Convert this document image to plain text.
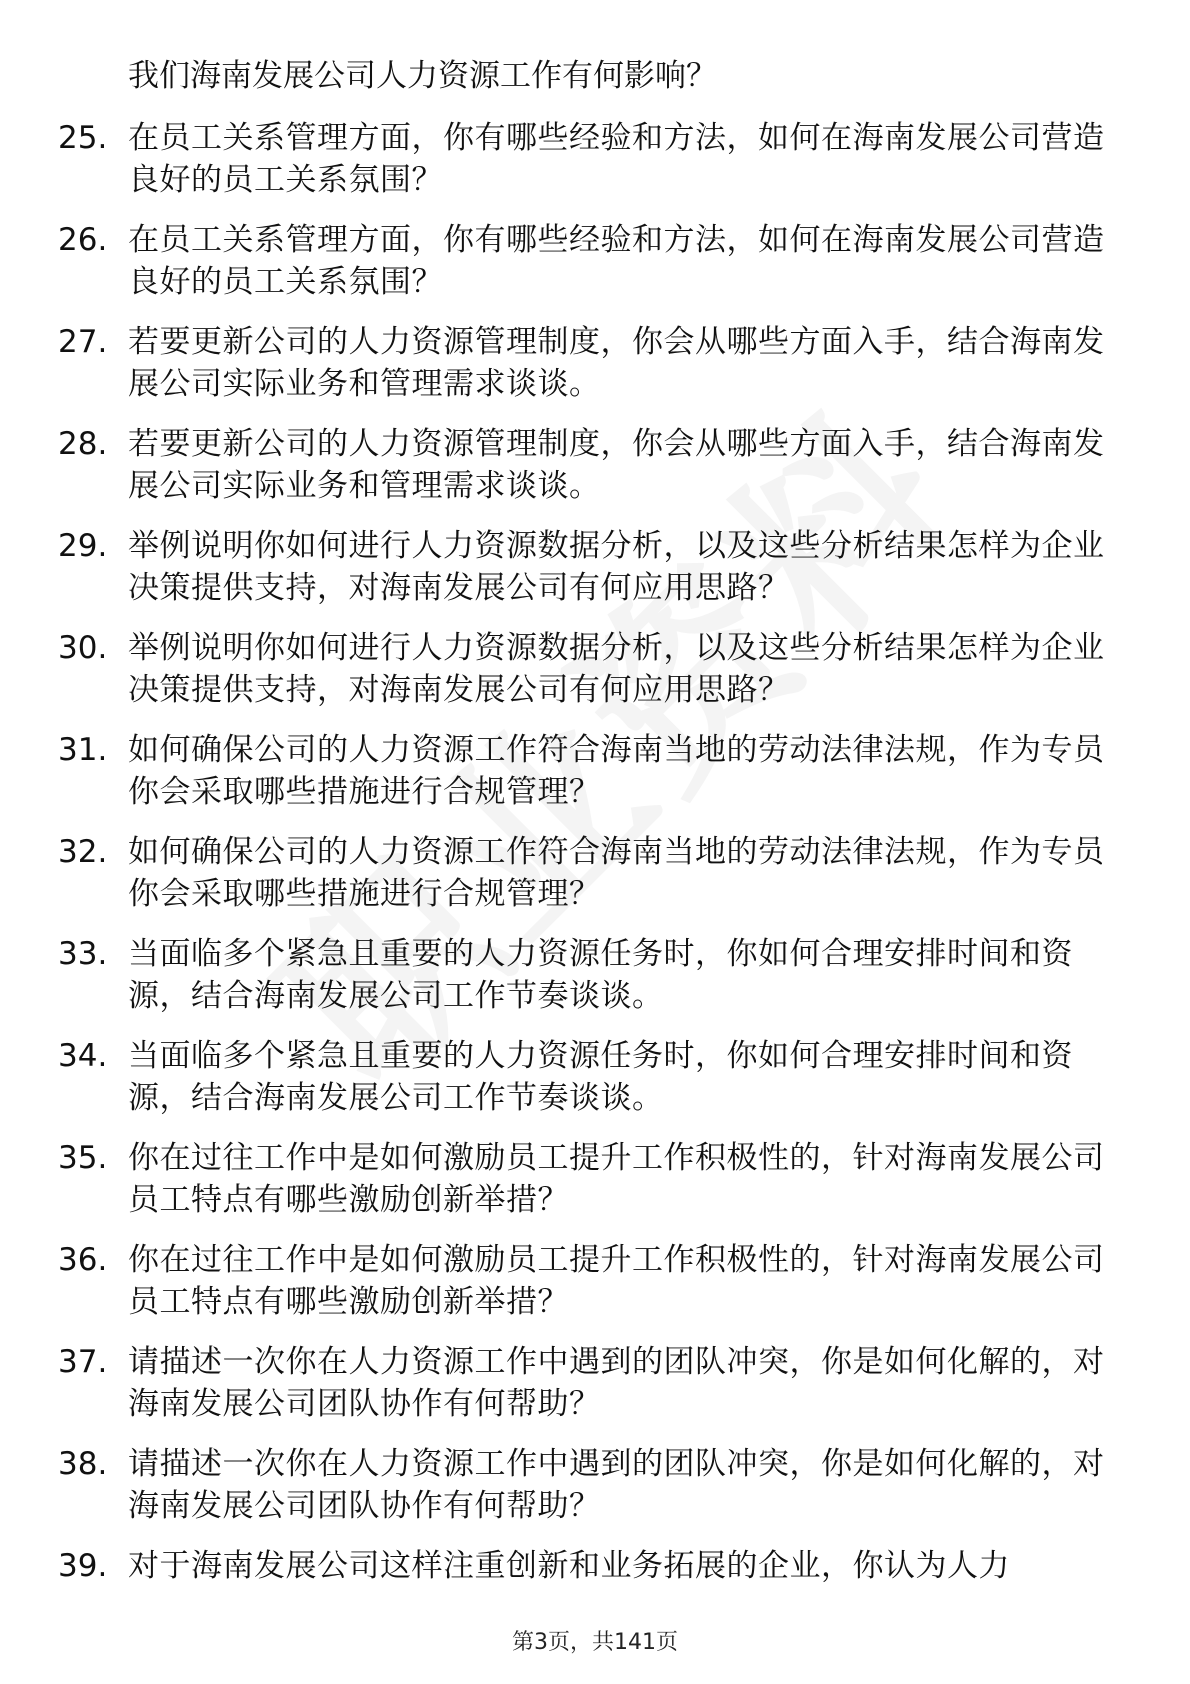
我们海南发展公司人力资源工作有何影响？
25. 在员工关系管理方面，你有哪些经验和方法，如何在海南发展公司营造良好的员工关系氛围？
26. 在员工关系管理方面，你有哪些经验和方法，如何在海南发展公司营造良好的员工关系氛围？
27. 若要更新公司的人力资源管理制度，你会从哪些方面入手，结合海南发展公司实际业务和管理需求谈谈。
28. 若要更新公司的人力资源管理制度，你会从哪些方面入手，结合海南发展公司实际业务和管理需求谈谈。
29. 举例说明你如何进行人力资源数据分析，以及这些分析结果怎样为企业决策提供支持，对海南发展公司有何应用思路？
30. 举例说明你如何进行人力资源数据分析，以及这些分析结果怎样为企业决策提供支持，对海南发展公司有何应用思路？
31. 如何确保公司的人力资源工作符合海南当地的劳动法律法规，作为专员你会采取哪些措施进行合规管理？
32. 如何确保公司的人力资源工作符合海南当地的劳动法律法规，作为专员你会采取哪些措施进行合规管理？
33. 当面临多个紧急且重要的人力资源任务时，你如何合理安排时间和资源，结合海南发展公司工作节奏谈谈。
34. 当面临多个紧急且重要的人力资源任务时，你如何合理安排时间和资源，结合海南发展公司工作节奏谈谈。
35. 你在过往工作中是如何激励员工提升工作积极性的，针对海南发展公司员工特点有哪些激励创新举措？
36. 你在过往工作中是如何激励员工提升工作积极性的，针对海南发展公司员工特点有哪些激励创新举措？
37. 请描述一次你在人力资源工作中遇到的团队冲突，你是如何化解的，对海南发展公司团队协作有何帮助？
38. 请描述一次你在人力资源工作中遇到的团队冲突，你是如何化解的，对海南发展公司团队协作有何帮助？
39. 对于海南发展公司这样注重创新和业务拓展的企业，你认为人力
第3页，共141页
